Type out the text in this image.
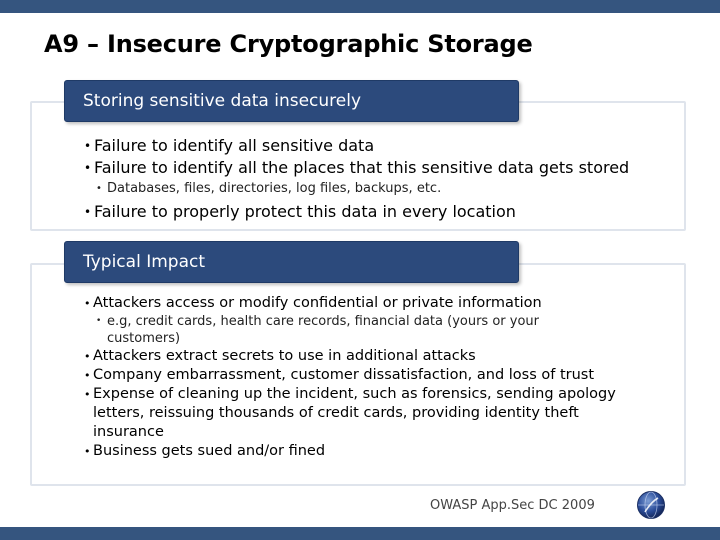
A9 – Insecure Cryptographic Storage
Storing sensitive data insecurely
• Failure to identify all sensitive data
• Failure to identify all the places that this sensitive data gets stored
• Databases, files, directories, log files, backups, etc.
• Failure to properly protect this data in every location
Typical Impact
• Attackers access or modify confidential or private information
• e.g, credit cards, health care records, financial data (yours or your customers)
• Attackers extract secrets to use in additional attacks
• Company embarrassment, customer dissatisfaction, and loss of trust
• Expense of cleaning up the incident, such as forensics, sending apology letters, reissuing thousands of credit cards, providing identity theft insurance
• Business gets sued and/or fined
OWASP App.Sec DC 2009
